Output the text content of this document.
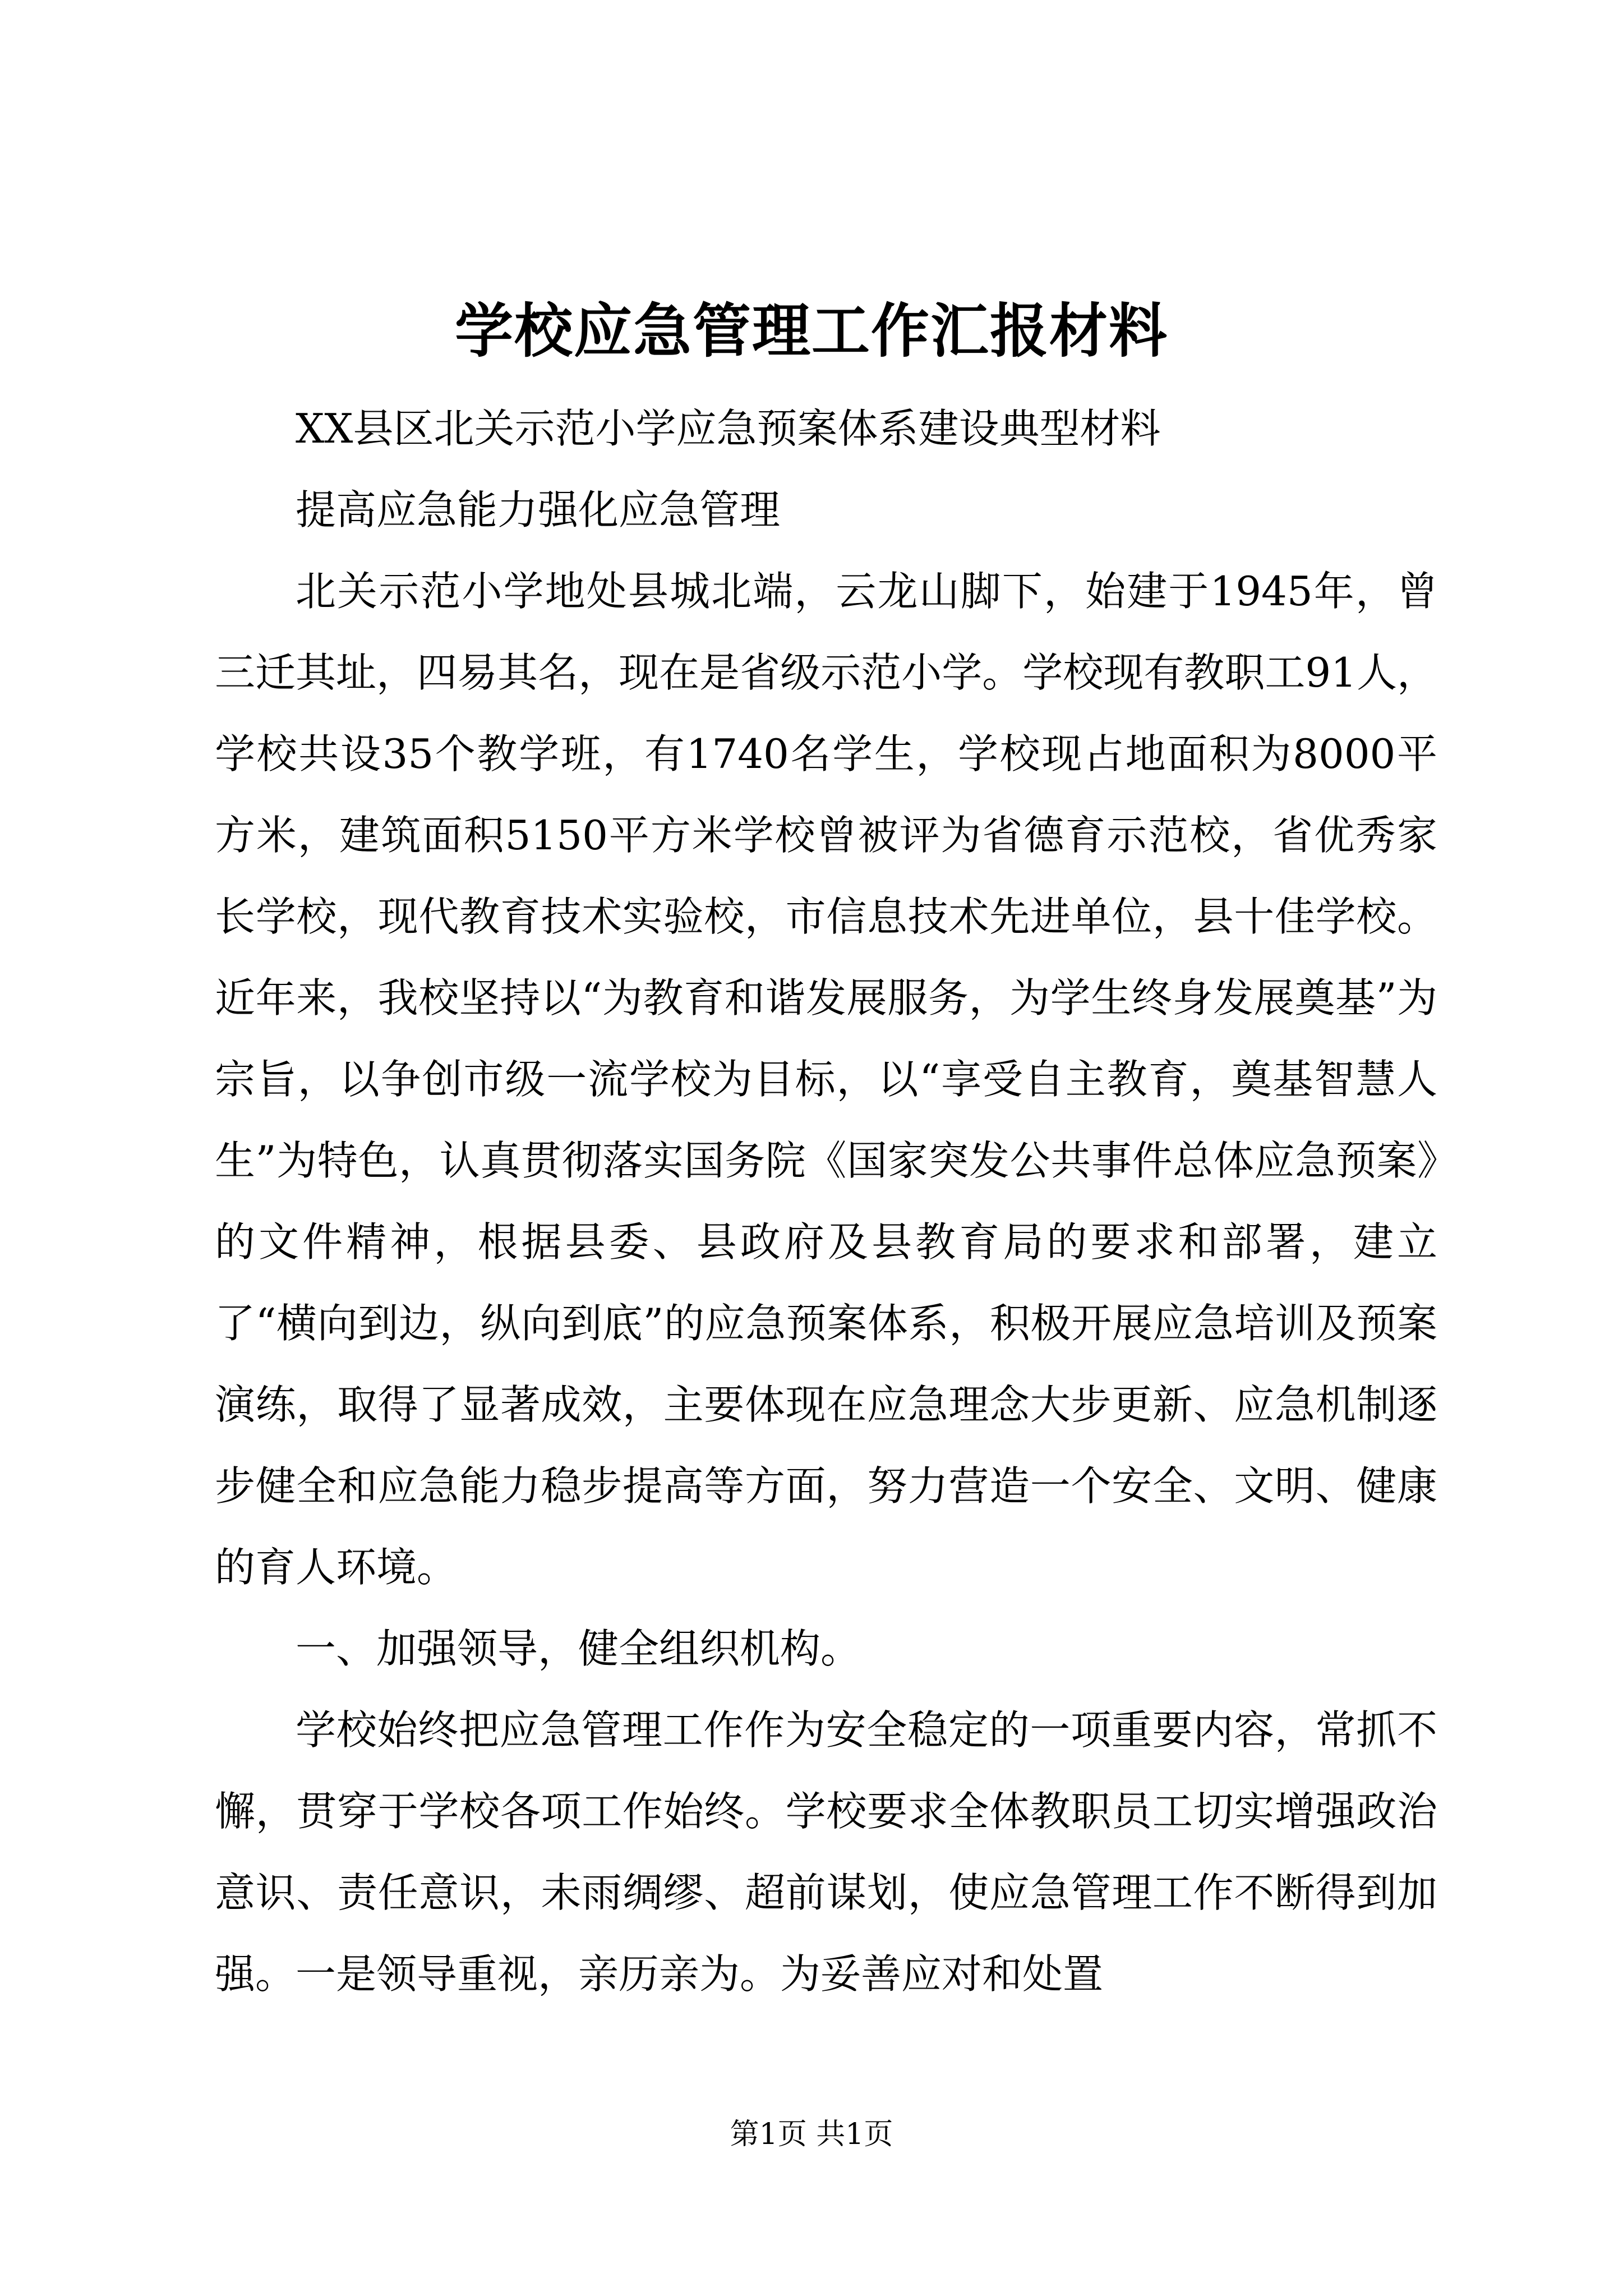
学校应急管理工作汇报材料

XX县区北关示范小学应急预案体系建设典型材料

提高应急能力强化应急管理

北关示范小学地处县城北端，云龙山脚下，始建于1945年，曾三迁其址，四易其名，现在是省级示范小学。学校现有教职工91人，学校共设35个教学班，有1740名学生，学校现占地面积为8000平方米，建筑面积5150平方米学校曾被评为省德育示范校，省优秀家长学校，现代教育技术实验校，市信息技术先进单位，县十佳学校。近年来，我校坚持以“为教育和谐发展服务，为学生终身发展奠基”为宗旨，以争创市级一流学校为目标，以“享受自主教育，奠基智慧人生”为特色，认真贯彻落实国务院《国家突发公共事件总体应急预案》的文件精神，根据县委、县政府及县教育局的要求和部署，建立了“横向到边，纵向到底”的应急预案体系，积极开展应急培训及预案演练，取得了显著成效，主要体现在应急理念大步更新、应急机制逐步健全和应急能力稳步提高等方面，努力营造一个安全、文明、健康的育人环境。

一、加强领导，健全组织机构。

学校始终把应急管理工作作为安全稳定的一项重要内容，常抓不懈，贯穿于学校各项工作始终。学校要求全体教职员工切实增强政治意识、责任意识，未雨绸缪、超前谋划，使应急管理工作不断得到加强。一是领导重视，亲历亲为。为妥善应对和处置

第1页 共1页
